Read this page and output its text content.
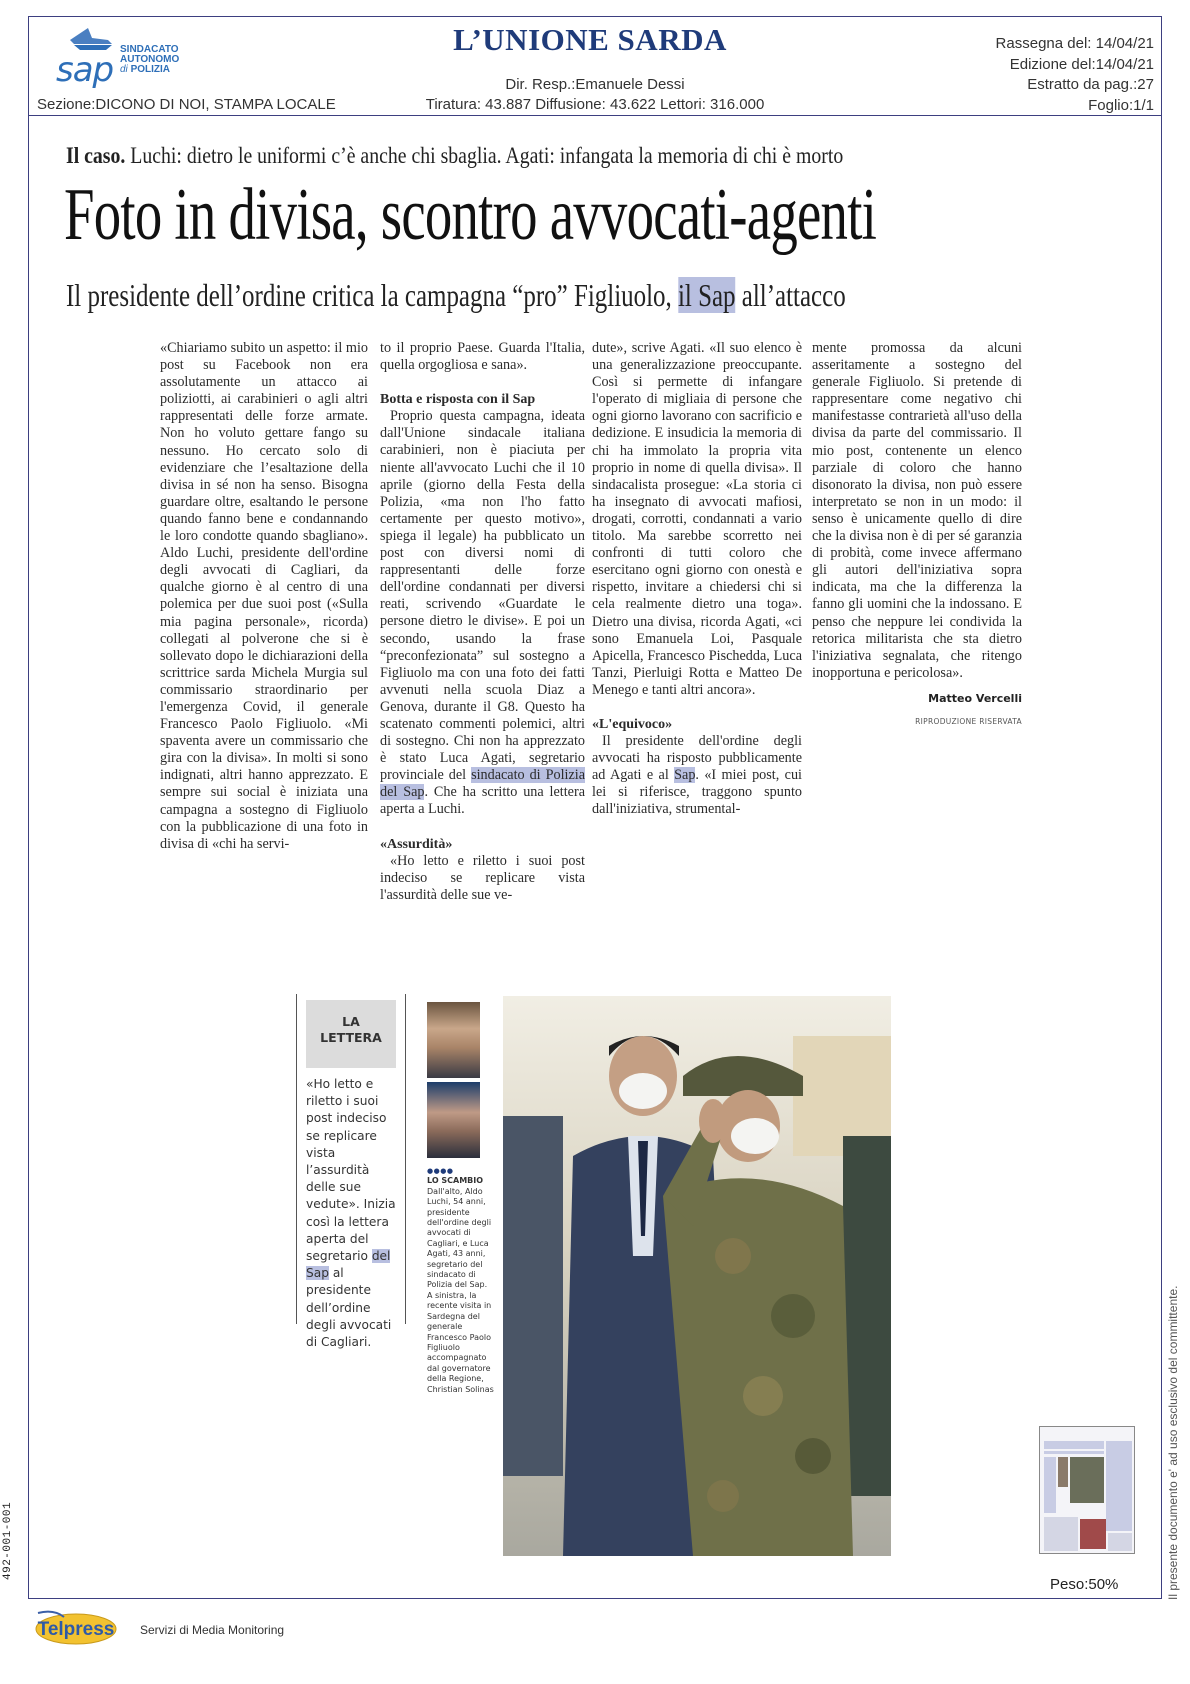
sap
SINDACATO
AUTONOMO
di POLIZIA
L’UNIONE SARDA
Dir. Resp.:Emanuele Dessi
Tiratura: 43.887 Diffusione: 43.622 Lettori: 316.000
Sezione:DICONO DI NOI, STAMPA LOCALE
Rassegna del: 14/04/21
Edizione del:14/04/21
Estratto da pag.:27
Foglio:1/1
Il caso. Luchi: dietro le uniformi c’è anche chi sbaglia. Agati: infangata la memoria di chi è morto
Foto in divisa, scontro avvocati-agenti
Il presidente dell’ordine critica la campagna “pro” Figliuolo, il Sap all’attacco

«Chiariamo subito un aspetto: il mio post su Facebook non era assolutamente un attacco ai poliziotti, ai carabinieri o agli altri rappresentati delle forze armate. Non ho voluto gettare fango su nessuno. Ho cercato solo di evidenziare che l’esaltazione della divisa in sé non ha senso. Bisogna guardare oltre, esaltando le persone quando fanno bene e condannando le loro condotte quando sbagliano». Aldo Luchi, presidente dell'ordine degli avvocati di Cagliari, da qualche giorno è al centro di una polemica per due suoi post («Sulla mia pagina personale», ricorda) collegati al polverone che si è sollevato dopo le dichiarazioni della scrittrice sarda Michela Murgia sul commissario straordinario per l'emergenza Covid, il generale Francesco Paolo Figliuolo. «Mi spaventa avere un commissario che gira con la divisa». In molti si sono indignati, altri hanno apprezzato. E sempre sui social è iniziata una campagna a sostegno di Figliuolo con la pubblicazione di una foto in divisa di «chi ha servi-

to il proprio Paese. Guarda l'Italia, quella orgogliosa e sana».

Botta e risposta con il Sap

Proprio questa campagna, ideata dall'Unione sindacale italiana carabinieri, non è piaciuta per niente all'avvocato Luchi che il 10 aprile (giorno della Festa della Polizia, «ma non l'ho fatto certamente per questo motivo», spiega il legale) ha pubblicato un post con diversi nomi di rappresentanti delle forze dell'ordine condannati per diversi reati, scrivendo «Guardate le persone dietro le divise». E poi un secondo, usando la frase “preconfezionata” sul sostegno a Figliuolo ma con una foto dei fatti avvenuti nella scuola Diaz a Genova, durante il G8. Questo ha scatenato commenti polemici, altri di sostegno. Chi non ha apprezzato è stato Luca Agati, segretario provinciale del sindacato di Polizia del Sap. Che ha scritto una lettera aperta a Luchi.

«Assurdità»

«Ho letto e riletto i suoi post indeciso se replicare vista l'assurdità delle sue ve-

dute», scrive Agati. «Il suo elenco è una generalizzazione preoccupante. Così si permette di infangare l'operato di migliaia di persone che ogni giorno lavorano con sacrificio e dedizione. E insudicia la memoria di chi ha immolato la propria vita proprio in nome di quella divisa». Il sindacalista prosegue: «La storia ci ha insegnato di avvocati mafiosi, drogati, corrotti, condannati a vario titolo. Ma sarebbe scorretto nei confronti di tutti coloro che esercitano ogni giorno con onestà e rispetto, invitare a chiedersi chi si cela realmente dietro una toga». Dietro una divisa, ricorda Agati, «ci sono Emanuela Loi, Pasquale Apicella, Francesco Pischedda, Luca Tanzi, Pierluigi Rotta e Matteo De Menego e tanti altri ancora».

«L'equivoco»

Il presidente dell'ordine degli avvocati ha risposto pubblicamente ad Agati e al Sap. «I miei post, cui lei si riferisce, traggono spunto dall'iniziativa, strumental-

mente promossa da alcuni asseritamente a sostegno del generale Figliuolo. Si pretende di rappresentare come negativo chi manifestasse contrarietà all'uso della divisa da parte del commissario. Il mio post, contenente un elenco parziale di coloro che hanno disonorato la divisa, non può essere interpretato se non in un modo: il senso è unicamente quello di dire che la divisa non è di per sé garanzia di probità, come invece affermano gli autori dell'iniziativa sopra indicata, ma che la differenza la fanno gli uomini che la indossano. E penso che neppure lei condivida la retorica militarista che sta dietro l'iniziativa segnalata, che ritengo inopportuna e pericolosa».

Matteo Vercelli
RIPRODUZIONE RISERVATA
LA
LETTERA
«Ho letto e riletto i suoi post indeciso se replicare vista l’assurdità delle sue vedute». Inizia così la lettera aperta del segretario del Sap al presidente dell’ordine degli avvocati di Cagliari.
●●●●
LO SCAMBIO
Dall'alto, Aldo Luchi, 54 anni, presidente dell'ordine degli avvocati di Cagliari, e Luca Agati, 43 anni, segretario del sindacato di Polizia del Sap. A sinistra, la recente visita in Sardegna del generale Francesco Paolo Figliuolo accompagnato dal governatore della Regione, Christian Solinas
492-001-001	Il presente documento e' ad uso esclusivo del committente.
Telpress Servizi di Media Monitoring
Peso:50%
